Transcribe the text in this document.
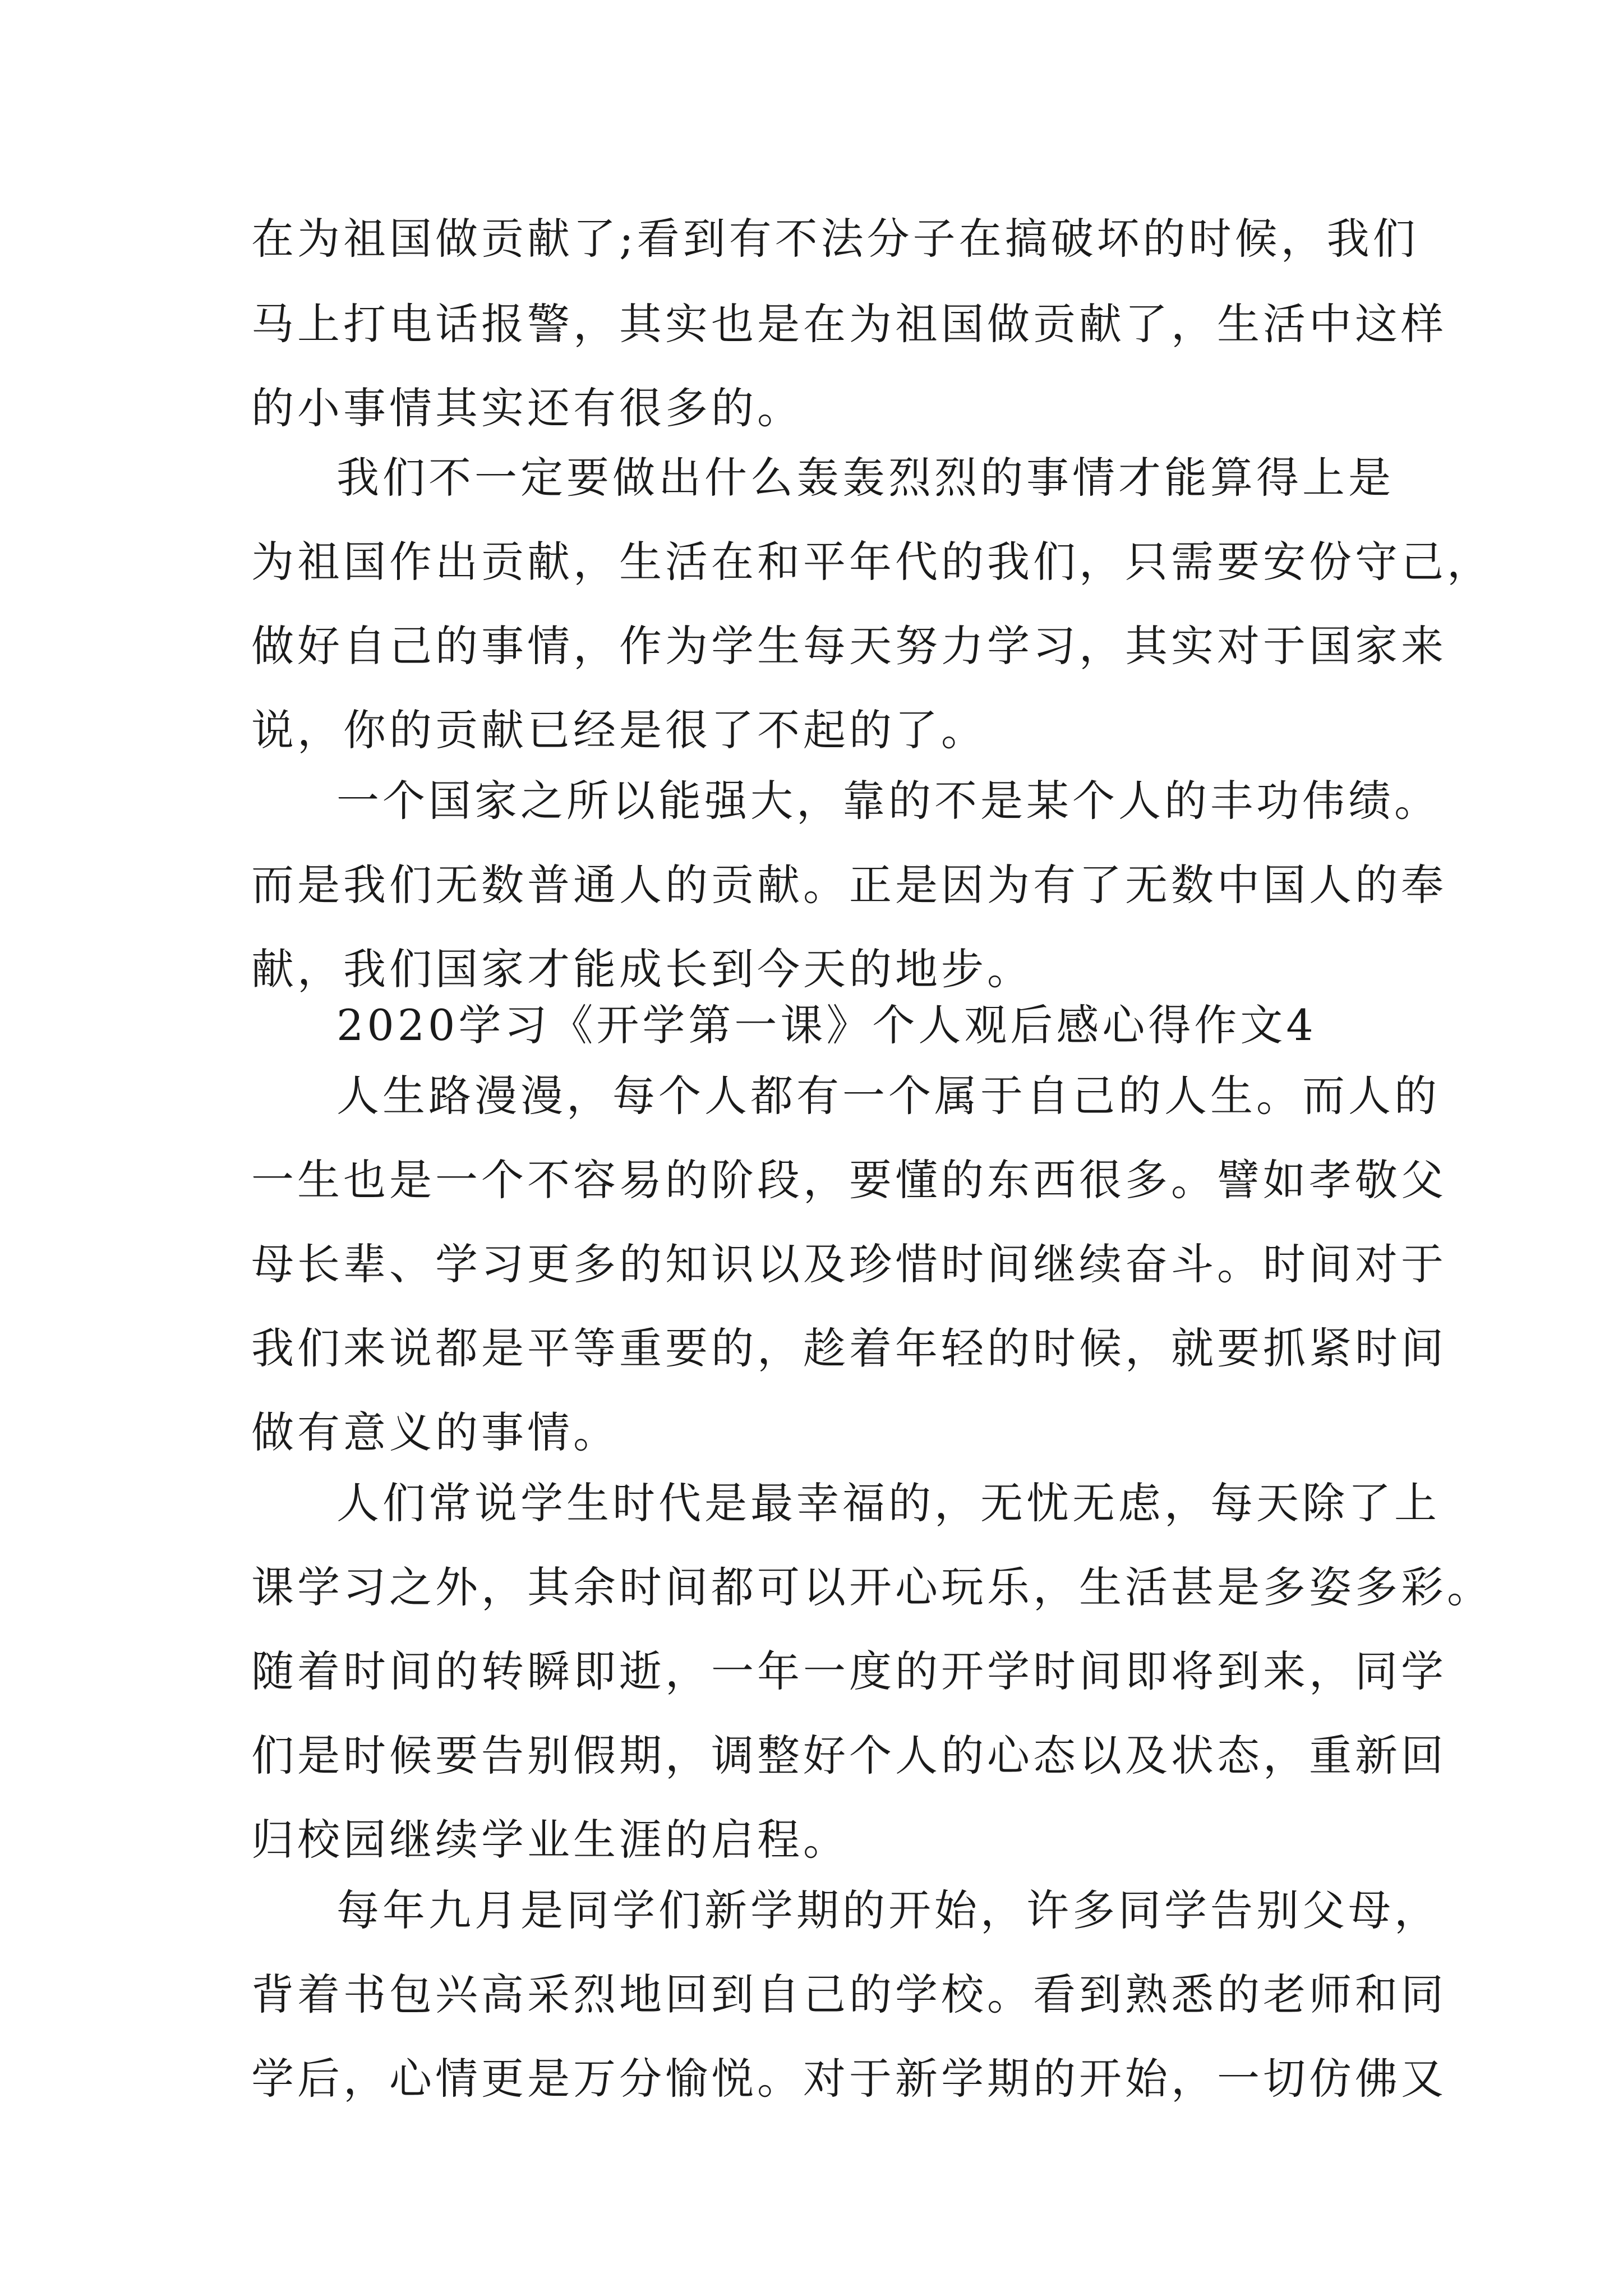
在为祖国做贡献了;看到有不法分子在搞破坏的时候，我们
马上打电话报警，其实也是在为祖国做贡献了，生活中这样
的小事情其实还有很多的。
我们不一定要做出什么轰轰烈烈的事情才能算得上是
为祖国作出贡献，生活在和平年代的我们，只需要安份守己，
做好自己的事情，作为学生每天努力学习，其实对于国家来
说，你的贡献已经是很了不起的了。
一个国家之所以能强大，靠的不是某个人的丰功伟绩。
而是我们无数普通人的贡献。正是因为有了无数中国人的奉
献，我们国家才能成长到今天的地步。
2020学习《开学第一课》个人观后感心得作文4
人生路漫漫，每个人都有一个属于自己的人生。而人的
一生也是一个不容易的阶段，要懂的东西很多。譬如孝敬父
母长辈、学习更多的知识以及珍惜时间继续奋斗。时间对于
我们来说都是平等重要的，趁着年轻的时候，就要抓紧时间
做有意义的事情。
人们常说学生时代是最幸福的，无忧无虑，每天除了上
课学习之外，其余时间都可以开心玩乐，生活甚是多姿多彩。
随着时间的转瞬即逝，一年一度的开学时间即将到来，同学
们是时候要告别假期，调整好个人的心态以及状态，重新回
归校园继续学业生涯的启程。
每年九月是同学们新学期的开始，许多同学告别父母，
背着书包兴高采烈地回到自己的学校。看到熟悉的老师和同
学后，心情更是万分愉悦。对于新学期的开始，一切仿佛又
